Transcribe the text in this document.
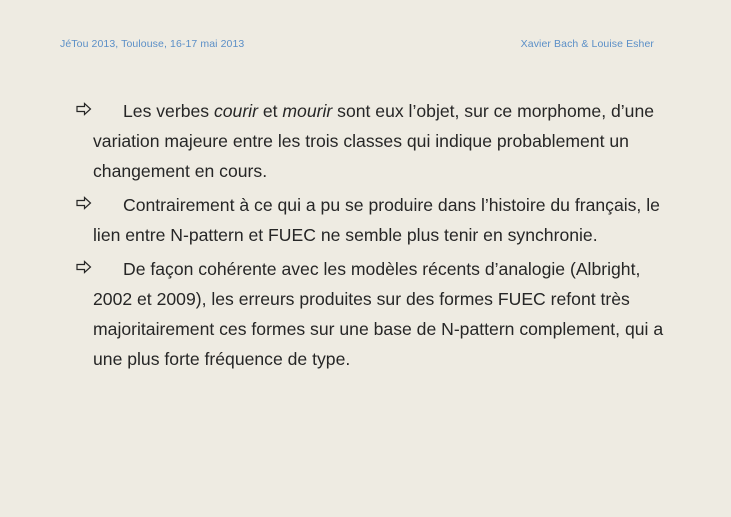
JéTou 2013, Toulouse, 16-17 mai 2013	Xavier Bach & Louise Esher
Les verbes courir et mourir sont eux l’objet, sur ce morphome, d’une variation majeure entre les trois classes qui indique probablement un changement en cours.
Contrairement à ce qui a pu se produire dans l’histoire du français, le lien entre N-pattern et FUEC ne semble plus tenir en synchronie.
De façon cohérente avec les modèles récents d’analogie (Albright, 2002 et 2009), les erreurs produites sur des formes FUEC refont très majoritairement ces formes sur une base de N-pattern complement, qui a une plus forte fréquence de type.
